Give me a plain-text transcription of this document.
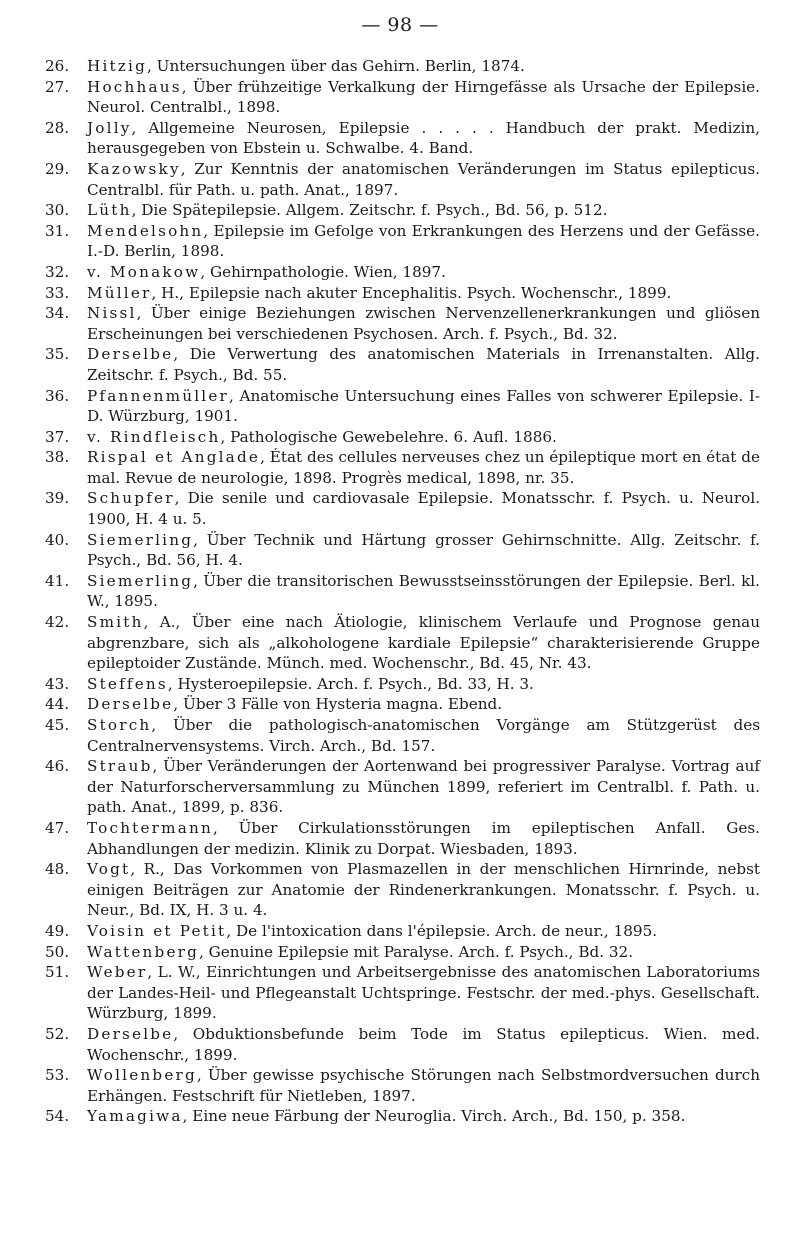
— 98 —
26. Hitzig, Untersuchungen über das Gehirn. Berlin, 1874.
27. Hochhaus, Über frühzeitige Verkalkung der Hirngefässe als Ursache der Epilepsie. Neurol. Centralbl., 1898.
28. Jolly, Allgemeine Neurosen, Epilepsie . . . . . Handbuch der prakt. Medizin, herausgegeben von Ebstein u. Schwalbe. 4. Band.
29. Kazowsky, Zur Kenntnis der anatomischen Veränderungen im Status epilepticus. Centralbl. für Path. u. path. Anat., 1897.
30. Lüth, Die Spätepilepsie. Allgem. Zeitschr. f. Psych., Bd. 56, p. 512.
31. Mendelsohn, Epilepsie im Gefolge von Erkrankungen des Herzens und der Gefässe. I.-D. Berlin, 1898.
32. v. Monakow, Gehirnpathologie. Wien, 1897.
33. Müller, H., Epilepsie nach akuter Encephalitis. Psych. Wochenschr., 1899.
34. Nissl, Über einige Beziehungen zwischen Nervenzellenerkrankungen und gliösen Erscheinungen bei verschiedenen Psychosen. Arch. f. Psych., Bd. 32.
35. Derselbe, Die Verwertung des anatomischen Materials in Irrenanstalten. Allg. Zeitschr. f. Psych., Bd. 55.
36. Pfannenmüller, Anatomische Untersuchung eines Falles von schwerer Epilepsie. I-D. Würzburg, 1901.
37. v. Rindfleisch, Pathologische Gewebelehre. 6. Aufl. 1886.
38. Rispal et Anglade, État des cellules nerveuses chez un épileptique mort en état de mal. Revue de neurologie, 1898. Progrès medical, 1898, nr. 35.
39. Schupfer, Die senile und cardiovasale Epilepsie. Monatsschr. f. Psych. u. Neurol. 1900, H. 4 u. 5.
40. Siemerling, Über Technik und Härtung grosser Gehirnschnitte. Allg. Zeitschr. f. Psych., Bd. 56, H. 4.
41. Siemerling, Über die transitorischen Bewusstseinsstörungen der Epilepsie. Berl. kl. W., 1895.
42. Smith, A., Über eine nach Ätiologie, klinischem Verlaufe und Prognose genau abgrenzbare, sich als „alkohologene kardiale Epilepsie“ charakterisierende Gruppe epileptoider Zustände. Münch. med. Wochenschr., Bd. 45, Nr. 43.
43. Steffens, Hysteroepilepsie. Arch. f. Psych., Bd. 33, H. 3.
44. Derselbe, Über 3 Fälle von Hysteria magna. Ebend.
45. Storch, Über die pathologisch-anatomischen Vorgänge am Stützgerüst des Centralnervensystems. Virch. Arch., Bd. 157.
46. Straub, Über Veränderungen der Aortenwand bei progressiver Paralyse. Vortrag auf der Naturforscherversammlung zu München 1899, referiert im Centralbl. f. Path. u. path. Anat., 1899, p. 836.
47. Tochtermann, Über Cirkulationsstörungen im epileptischen Anfall. Ges. Abhandlungen der medizin. Klinik zu Dorpat. Wiesbaden, 1893.
48. Vogt, R., Das Vorkommen von Plasmazellen in der menschlichen Hirnrinde, nebst einigen Beiträgen zur Anatomie der Rindenerkrankungen. Monatsschr. f. Psych. u. Neur., Bd. IX, H. 3 u. 4.
49. Voisin et Petit, De l'intoxication dans l'épilepsie. Arch. de neur., 1895.
50. Wattenberg, Genuine Epilepsie mit Paralyse. Arch. f. Psych., Bd. 32.
51. Weber, L. W., Einrichtungen und Arbeitsergebnisse des anatomischen Laboratoriums der Landes-Heil- und Pflegeanstalt Uchtspringe. Festschr. der med.-phys. Gesellschaft. Würzburg, 1899.
52. Derselbe, Obduktionsbefunde beim Tode im Status epilepticus. Wien. med. Wochenschr., 1899.
53. Wollenberg, Über gewisse psychische Störungen nach Selbstmordversuchen durch Erhängen. Festschrift für Nietleben, 1897.
54. Yamagiwa, Eine neue Färbung der Neuroglia. Virch. Arch., Bd. 150, p. 358.
